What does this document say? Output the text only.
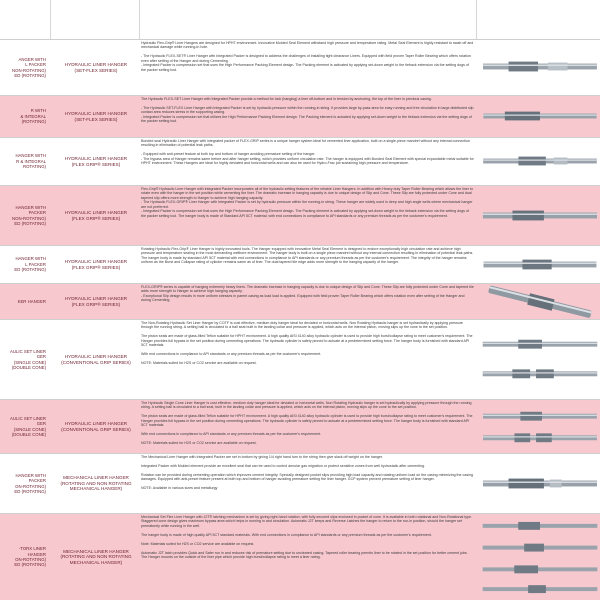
ANGER WITH
L PACKER
NON-ROTATING)
ED (ROTATING)
HYDRAULIC LINER HANGER
(SET-FLEX SERIES)
Hydraulic Flex-Grip® Liner Hangers are designed for HPHT environment. Innovative Molded Seal Element withstand high pressure and temperature rating. Metal Seal Element is highly resistant to swab off and mechanical damage while running-in hole.

- The Hydraulic FLEX-SET® Liner Hanger with Integrated Packer is designed to address the challenges of installing tight clearance Liners. Equipped with field proven Taper Roller Bearing which offers rotation even after setting of the Hanger and during Cementing.
- Integrated Packer is compression set that uses the High Performance Packing Element design. The Packing element is activated by applying set-down weight to the tieback extension via the setting dogs of the packer setting tool.
R WITH
& INTEGRAL
(ROTATING)
HYDRAULIC LINER HANGER
(SET-FLEX SERIES)
The Hydraulic FLEX-SET Liner Hanger with Integrated Packer provide a method for lock (hanging) a liner off-bottom and in tension by anchoring, the top of the liner in previous casing.

- The Hydraulic SET-FLEX Liner Hanger with Integrated Packer is set by hydraulic pressure within the running-in string. It provides large by-pass area for easy running and free circulation in large distributed slip contact area reduces stress in the supporting casing.
- Integrated Packer is compression set that utilizes the High Performance Packing Element design. The Packing element is actuated by applying set-down weight to the tieback extension via the setting dogs of the packer setting tool.
HANGER WITH
R & INTEGRAL
ROTATING)
HYDRAULIC LINER HANGER
(FLEX GRIP® SERIES)
Bonded seal Hydraulic Liner Hanger with integrated packer of FLEX-GRIP series is a unique hanger system ideal for cemented liner application, built on a single-piece mandrel without any internal connection resulting in elimination of potential leak paths.

- Equipped with anti-preset feature at both top and bottom of hanger avoiding premature setting of the hanger.
- The bypass area of Hanger remains same before and after hanger setting, which provides uniform circulation rate. The hanger is equipped with Bonded Seal Element with special expandable metal suitable for HPHT environment. These Hangers are ideal for highly deviated and horizontal wells and can also be used for Hydro-Frac job sustaining high pressure and temperature.
HANGER WITH
PACKER
NON-ROTATING)
ED (ROTATING)
HYDRAULIC LINER HANGER
(FLEX GRIP® SERIES)
Flex-Grip® Hydraulic Liner Hanger with Integrated Packer incorporates all of the hydraulic setting features of the reliable Liner Hangers. In addition with Heavy duty Taper Roller Bearing which allows the liner to rotate even with the hanger in the set position while cementing the liner. The dramatic increase in hanging capacity is due to unique design of Slip and Cone. These Slip are fully protected under Cone and dual tapered slip offers more strength to Hanger to achieve high hanging capacity.
- The Hydraulic FLEX-GRIP® Liner Hanger with Integrated Packer is set by hydraulic pressure within the running-in string. These hanger are widely used in deep and high angle wells where mechanical hanger are not preferred.
- Integrated Packer is compression set that uses the High Performance Packing Element design. The Packing element is activated by applying set-down weight to the tieback extension via the setting dogs of the packer setting tool. The hanger body is made of Standard API 5CT material, with end connections in compliance to API standards or any premium threads as per the customer's requirement.
HANGER WITH
L PACKER
ED (ROTATING)
HYDRAULIC LINER HANGER
(FLEX GRIP® SERIES)
Rotating Hydraulic Flex-Grip® Liner Hanger is highly innovated tools. The Hanger equipped with innovative Metal Seal Element is designed to endure exceptionally high circulation rate and achieve high pressure and temperature sealing in the most demanding wellbore environment. The hanger body is built on a single piece mandrel without any internal connection resulting in elimination of potential leak paths.
The hanger body is made by standard API 5CT material with end connections in compliance to API standards or any premium threads as per the customer's requirement. The integrity of the hanger remains uniform as the Burst and Collapse rating of cylinder remains same as of liner. The dual tapered tile edge adds more strength to the hanging capacity of the hanger.
KER HANGER
HYDRAULIC LINER HANGER
(FLEX GRIP® SERIES)
FLEX-GRIP® series is capable of hanging extremely heavy liners. The dramatic increase in hanging capacity is due to unique design of Slip and Cone. These Slip are fully protected under Cone and tapered tile adds more strength to Hanger to achieve high hanging capacity.
- Exceptional Slip design results in more uniform stresses in parent casing as load load is applied. Equipped with field proven Taper Roller Bearing which offers rotation even after setting of the Hanger and during Cementing.
AULIC SET LINER
GER
(SINGLE CONE)
(DOUBLE CONE)
HYDRAULIC LINER HANGER
(CONVENTIONAL GRIP SERIES)
The Non-Rotating Hydraulic Set Liner Hanger by COTF is cost effective, medium duty hanger ideal for deviated or horizontal wells. Non Rotating Hydraulic hanger is set hydraulically by applying pressure through the running string. A setting ball is circulated to a ball seat built in the landing collar and pressure is applied, which acts on the internal piston, moving slips up the cone to the set position.

The piston seals are made of glass-filled Teflon suitable for HPHT environment. A high quality AISI 4140 alloy hydraulic cylinder is used to provide high burst/collapse rating to meet customer's requirement. The Hanger provides full bypass in the set position during cementing operations. The hydraulic cylinder is safely pinned to actuate at a predetermined setting force. The hanger body is furnished with standard API 5CT materials.

With end connections in compliance to API standards or any premium threads as per the customer's requirement.

NOTE: Materials suited for H2S or CO2 service are available on request.
AULIC SET LINER
GER
(SINGLE CONE)
(DOUBLE CONE)
HYDRAULIC LINER HANGER
(CONVENTIONAL GRIP SERIES)
The Hydraulic Single Cone Liner Hanger is cost effective, medium duty hanger ideal for deviated or horizontal wells. Non Rotating Hydraulic hanger is set hydraulically by applying pressure through the running string. A setting ball is circulated to a ball seat, built in the landing collar and pressure is applied, which acts on the internal piston, moving slips up the cone to the set position.

The piston seals are made of glass-filled Teflon suitable for HPHT environment. A high quality AISI 4140 alloy hydraulic cylinder is used to provide high burst/collapse rating to meet customer's requirement. The Hanger provides full bypass in the set position during cementing operations. The hydraulic cylinder is safely pinned to actuate at a predetermined setting force. The hanger body is furnished with standard API 5CT materials.

With end connections in compliance to API standards or any premium threads as per the customer's requirement.

NOTE: Materials suited for H2S or CO2 service are available on request.
HANGER WITH
PACKER
ON-ROTATING)
ED (ROTATING)
MECHANICAL LINER HANGER
(ROTATING AND NON ROTATING
MECHANICAL HANGER)
The Mechanical Liner Hanger with Integrated Packer are set in bottom by giving 1/4 right hand turn to the string then give slack off weight on the hanger.

Integrated Packer with Molded element provide an excellent seal that can be used to control annular gas migration or protect sensitive zones from well hydrostatic after cementing.

Rotation can be provided during cementing operation which improves cement integrity. Specially designed pocket slips providing high load capacity and rotating uniform load on the casing minimizing the casing damages. Equipped with anti-preset feature present at both top and bottom of hanger avoiding premature setting the liner hanger. GCP system prevent premature setting of liner hanger.

NOTE: Available in various sizes and metallurgy
-TORX LINER HANGER
ON-ROTATING)
ED (ROTATING)
MECHANICAL LINER HANGER
(ROTATING AND NON ROTATING
MECHANICAL HANGER)
Mechanical Set Flex Liner Hanger with J2T® latching mechanism is set by giving right-hand rotation, with fully secured slips enclosed in pocket of cone. It is available in both rotational and Non-Rotational type. Staggered cone design gives maximum bypass area which helps in running in and circulation. Automatic J2T keeps and Reverse Latches the hanger to return to the run-in position, should the hanger set prematurely while running in the well.

The hanger body is made of high quality API 5CT standard materials. With end connections in compliance to API standards or any premium threads as per the customer's requirement.

Note: Materials suited for H2S or CO2 service are available on request.

Automatic J2T latch provides Quick and Safer run in and reduces risk of premature setting due to uncleared casing. Tapered roller bearing permits liner to be rotated in the set position for better cement jobs. The Hanger mounts on the outside of the liner pipe which provide high burst/collapse rating to meet a liner rating.
